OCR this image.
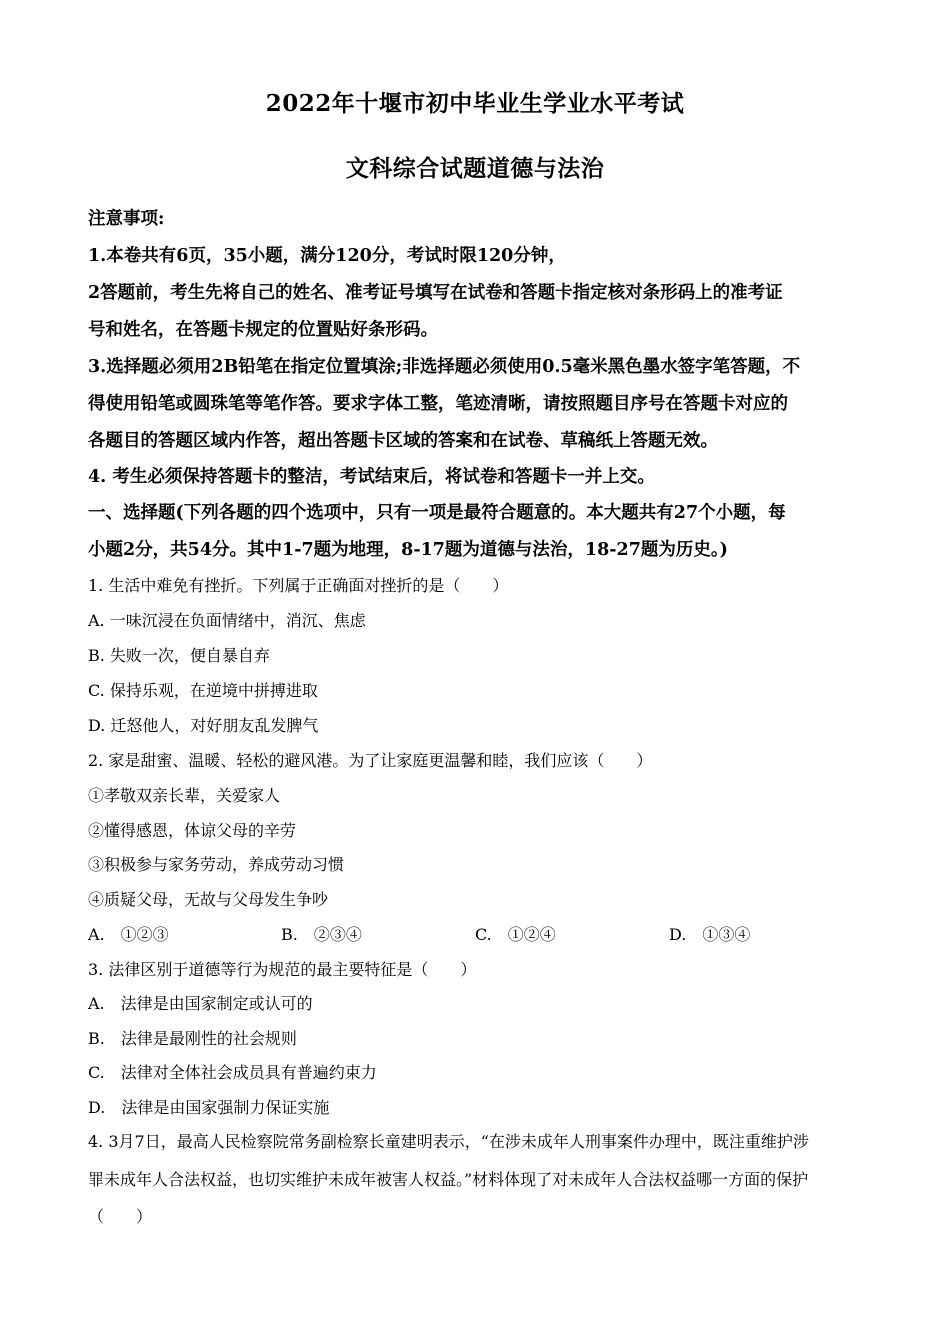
2022年十堰市初中毕业生学业水平考试
文科综合试题道德与法治
注意事项:
1.本卷共有6页，35小题，满分120分，考试时限120分钟，
2答题前，考生先将自己的姓名、准考证号填写在试卷和答题卡指定核对条形码上的准考证
号和姓名，在答题卡规定的位置贴好条形码。
3.选择题必须用2B铅笔在指定位置填涂;非选择题必须使用0.5毫米黑色墨水签字笔答题，不
得使用铅笔或圆珠笔等笔作答。要求字体工整，笔迹清晰，请按照题目序号在答题卡对应的
各题目的答题区域内作答，超出答题卡区域的答案和在试卷、草稿纸上答题无效。
4. 考生必须保持答题卡的整洁，考试结束后，将试卷和答题卡一并上交。
一、选择题(下列各题的四个选项中，只有一项是最符合题意的。本大题共有27个小题，每
小题2分，共54分。其中1-7题为地理，8-17题为道德与法治，18-27题为历史。)
1. 生活中难免有挫折。下列属于正确面对挫折的是（　　）
A. 一味沉浸在负面情绪中，消沉、焦虑
B. 失败一次，便自暴自弃
C. 保持乐观，在逆境中拼搏进取
D. 迁怒他人，对好朋友乱发脾气
2. 家是甜蜜、温暖、轻松的避风港。为了让家庭更温馨和睦，我们应该（　　）
①孝敬双亲长辈，关爱家人
②懂得感恩，体谅父母的辛劳
③积极参与家务劳动，养成劳动习惯
④质疑父母，无故与父母发生争吵
A.　①②③	B.　②③④	C.　①②④	D.　①③④
3. 法律区别于道德等行为规范的最主要特征是（　　）
A.　法律是由国家制定或认可的
B.　法律是最刚性的社会规则
C.　法律对全体社会成员具有普遍约束力
D.　法律是由国家强制力保证实施
4. 3月7日，最高人民检察院常务副检察长童建明表示，“在涉未成年人刑事案件办理中，既注重维护涉
罪未成年人合法权益，也切实维护未成年被害人权益。”材料体现了对未成年人合法权益哪一方面的保护
（　　）
